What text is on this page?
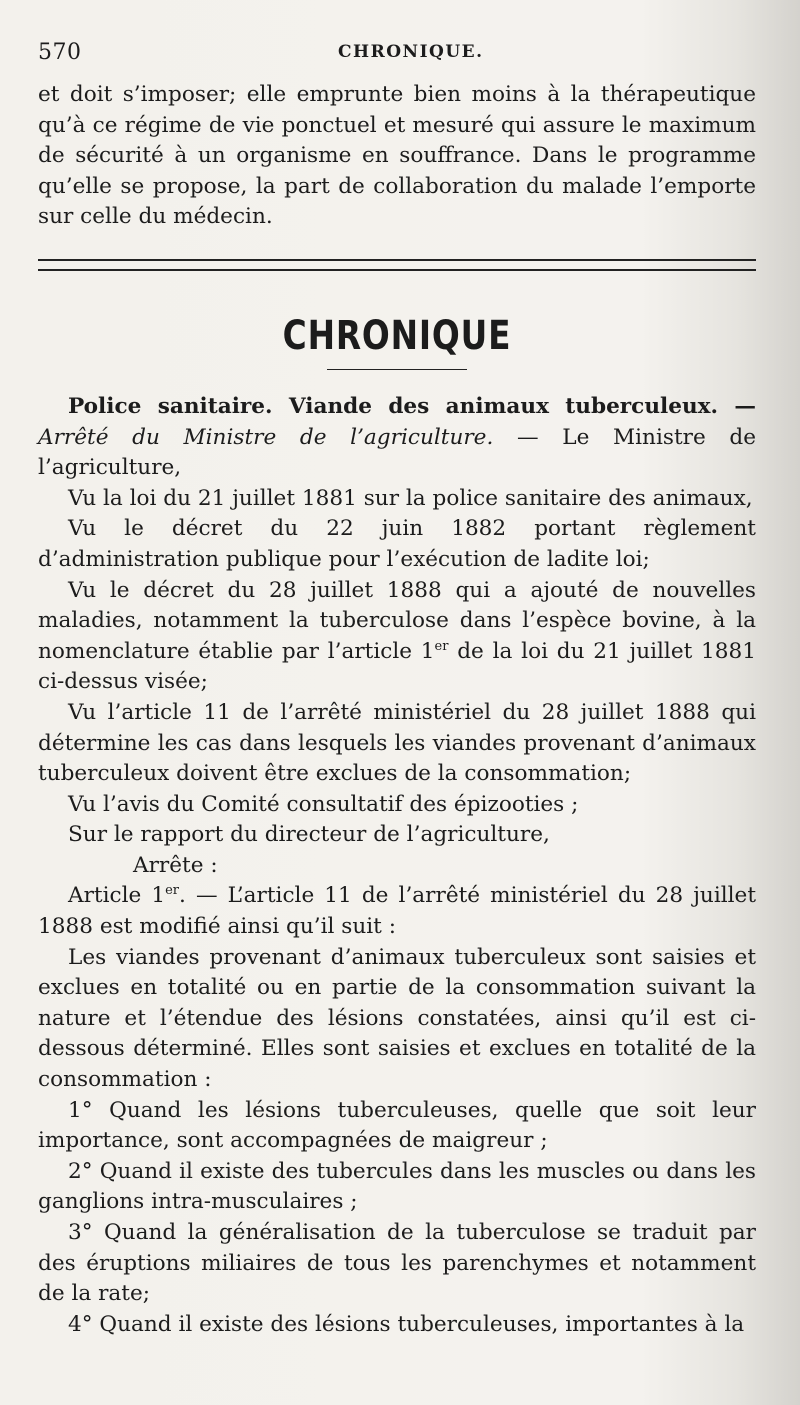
570	CHRONIQUE.

et doit s’imposer; elle emprunte bien moins à la thérapeutique qu’à ce régime de vie ponctuel et mesuré qui assure le maximum de sécurité à un organisme en souffrance. Dans le programme qu’elle se propose, la part de collaboration du malade l’emporte sur celle du médecin.

CHRONIQUE

Police sanitaire. Viande des animaux tuberculeux. — Arrêté du Ministre de l’agriculture. — Le Ministre de l’agriculture,

Vu la loi du 21 juillet 1881 sur la police sanitaire des animaux,

Vu le décret du 22 juin 1882 portant règlement d’administration publique pour l’exécution de ladite loi;

Vu le décret du 28 juillet 1888 qui a ajouté de nouvelles maladies, notamment la tuberculose dans l’espèce bovine, à la nomenclature établie par l’article 1er de la loi du 21 juillet 1881 ci-dessus visée;

Vu l’article 11 de l’arrêté ministériel du 28 juillet 1888 qui détermine les cas dans lesquels les viandes provenant d’animaux tuberculeux doivent être exclues de la consommation;

Vu l’avis du Comité consultatif des épizooties ;

Sur le rapport du directeur de l’agriculture,

Arrête :

Article 1er. — L’article 11 de l’arrêté ministériel du 28 juillet 1888 est modifié ainsi qu’il suit :

Les viandes provenant d’animaux tuberculeux sont saisies et exclues en totalité ou en partie de la consommation suivant la nature et l’étendue des lésions constatées, ainsi qu’il est ci-dessous déterminé. Elles sont saisies et exclues en totalité de la consommation :

1° Quand les lésions tuberculeuses, quelle que soit leur importance, sont accompagnées de maigreur ;

2° Quand il existe des tubercules dans les muscles ou dans les ganglions intra-musculaires ;

3° Quand la généralisation de la tuberculose se traduit par des éruptions miliaires de tous les parenchymes et notamment de la rate;

4° Quand il existe des lésions tuberculeuses, importantes à la
